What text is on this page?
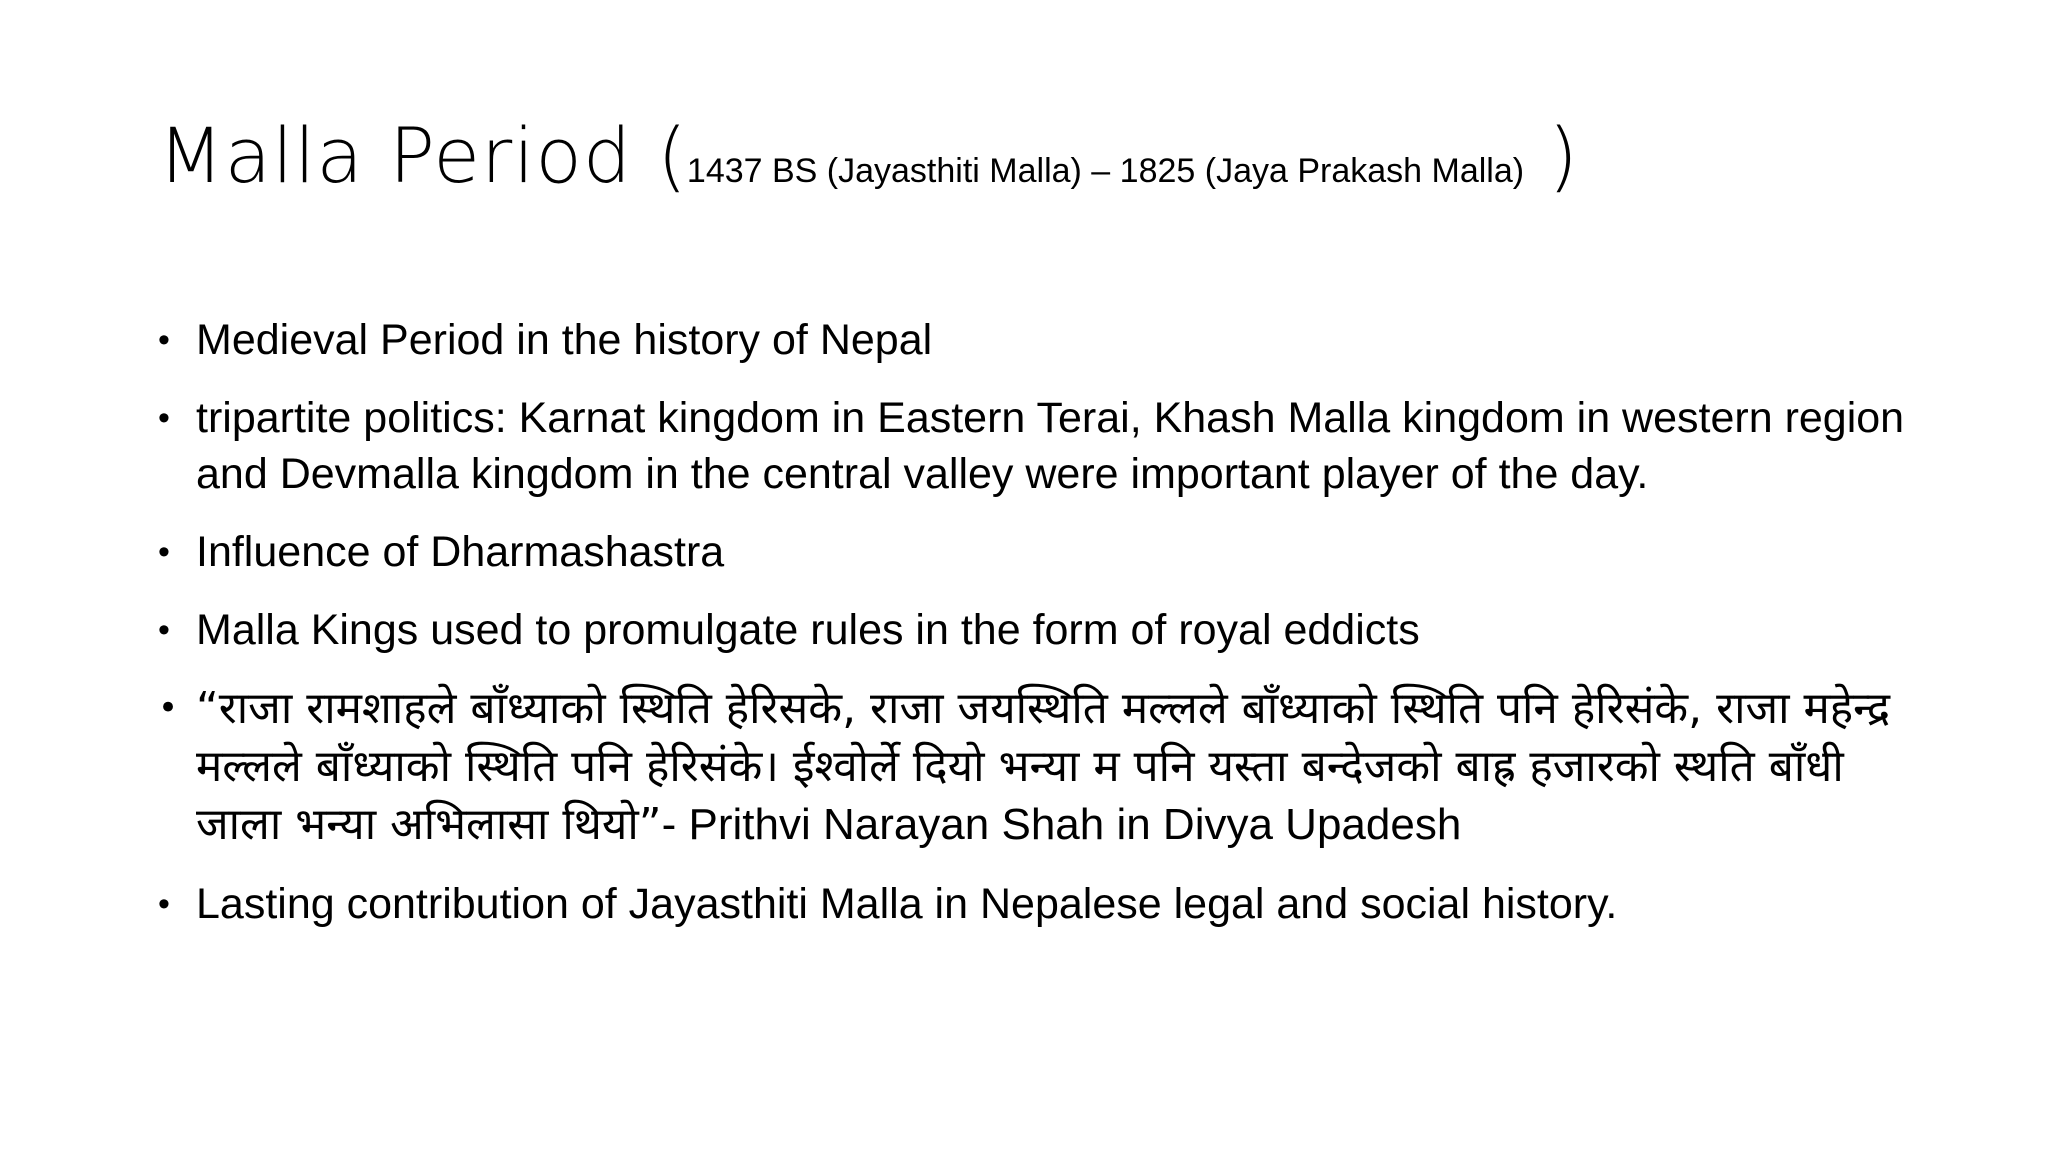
Malla Period (1437 BS (Jayasthiti Malla) – 1825 (Jaya Prakash Malla) )
• Medieval Period in the history of Nepal
• tripartite politics: Karnat kingdom in Eastern Terai, Khash Malla kingdom in western region and Devmalla kingdom in the central valley were important player of the day.
• Influence of Dharmashastra
• Malla Kings used to promulgate rules in the form of royal eddicts
• “राजा रामशाहले बाँध्याको स्थिति हेरिसके, राजा जयस्थिति मल्लले बाँध्याको स्थिति पनि हेरिसंके, राजा महेन्द्र मल्लले बाँध्याको स्थिति पनि हेरिसंके। ईश्वोर्ले दियो भन्या म पनि यस्ता बन्देजको बाह्र हजारको स्थति बाँधी जाला भन्या अभिलासा थियो”- Prithvi Narayan Shah in Divya Upadesh
• Lasting contribution of Jayasthiti Malla in Nepalese legal and social history.
